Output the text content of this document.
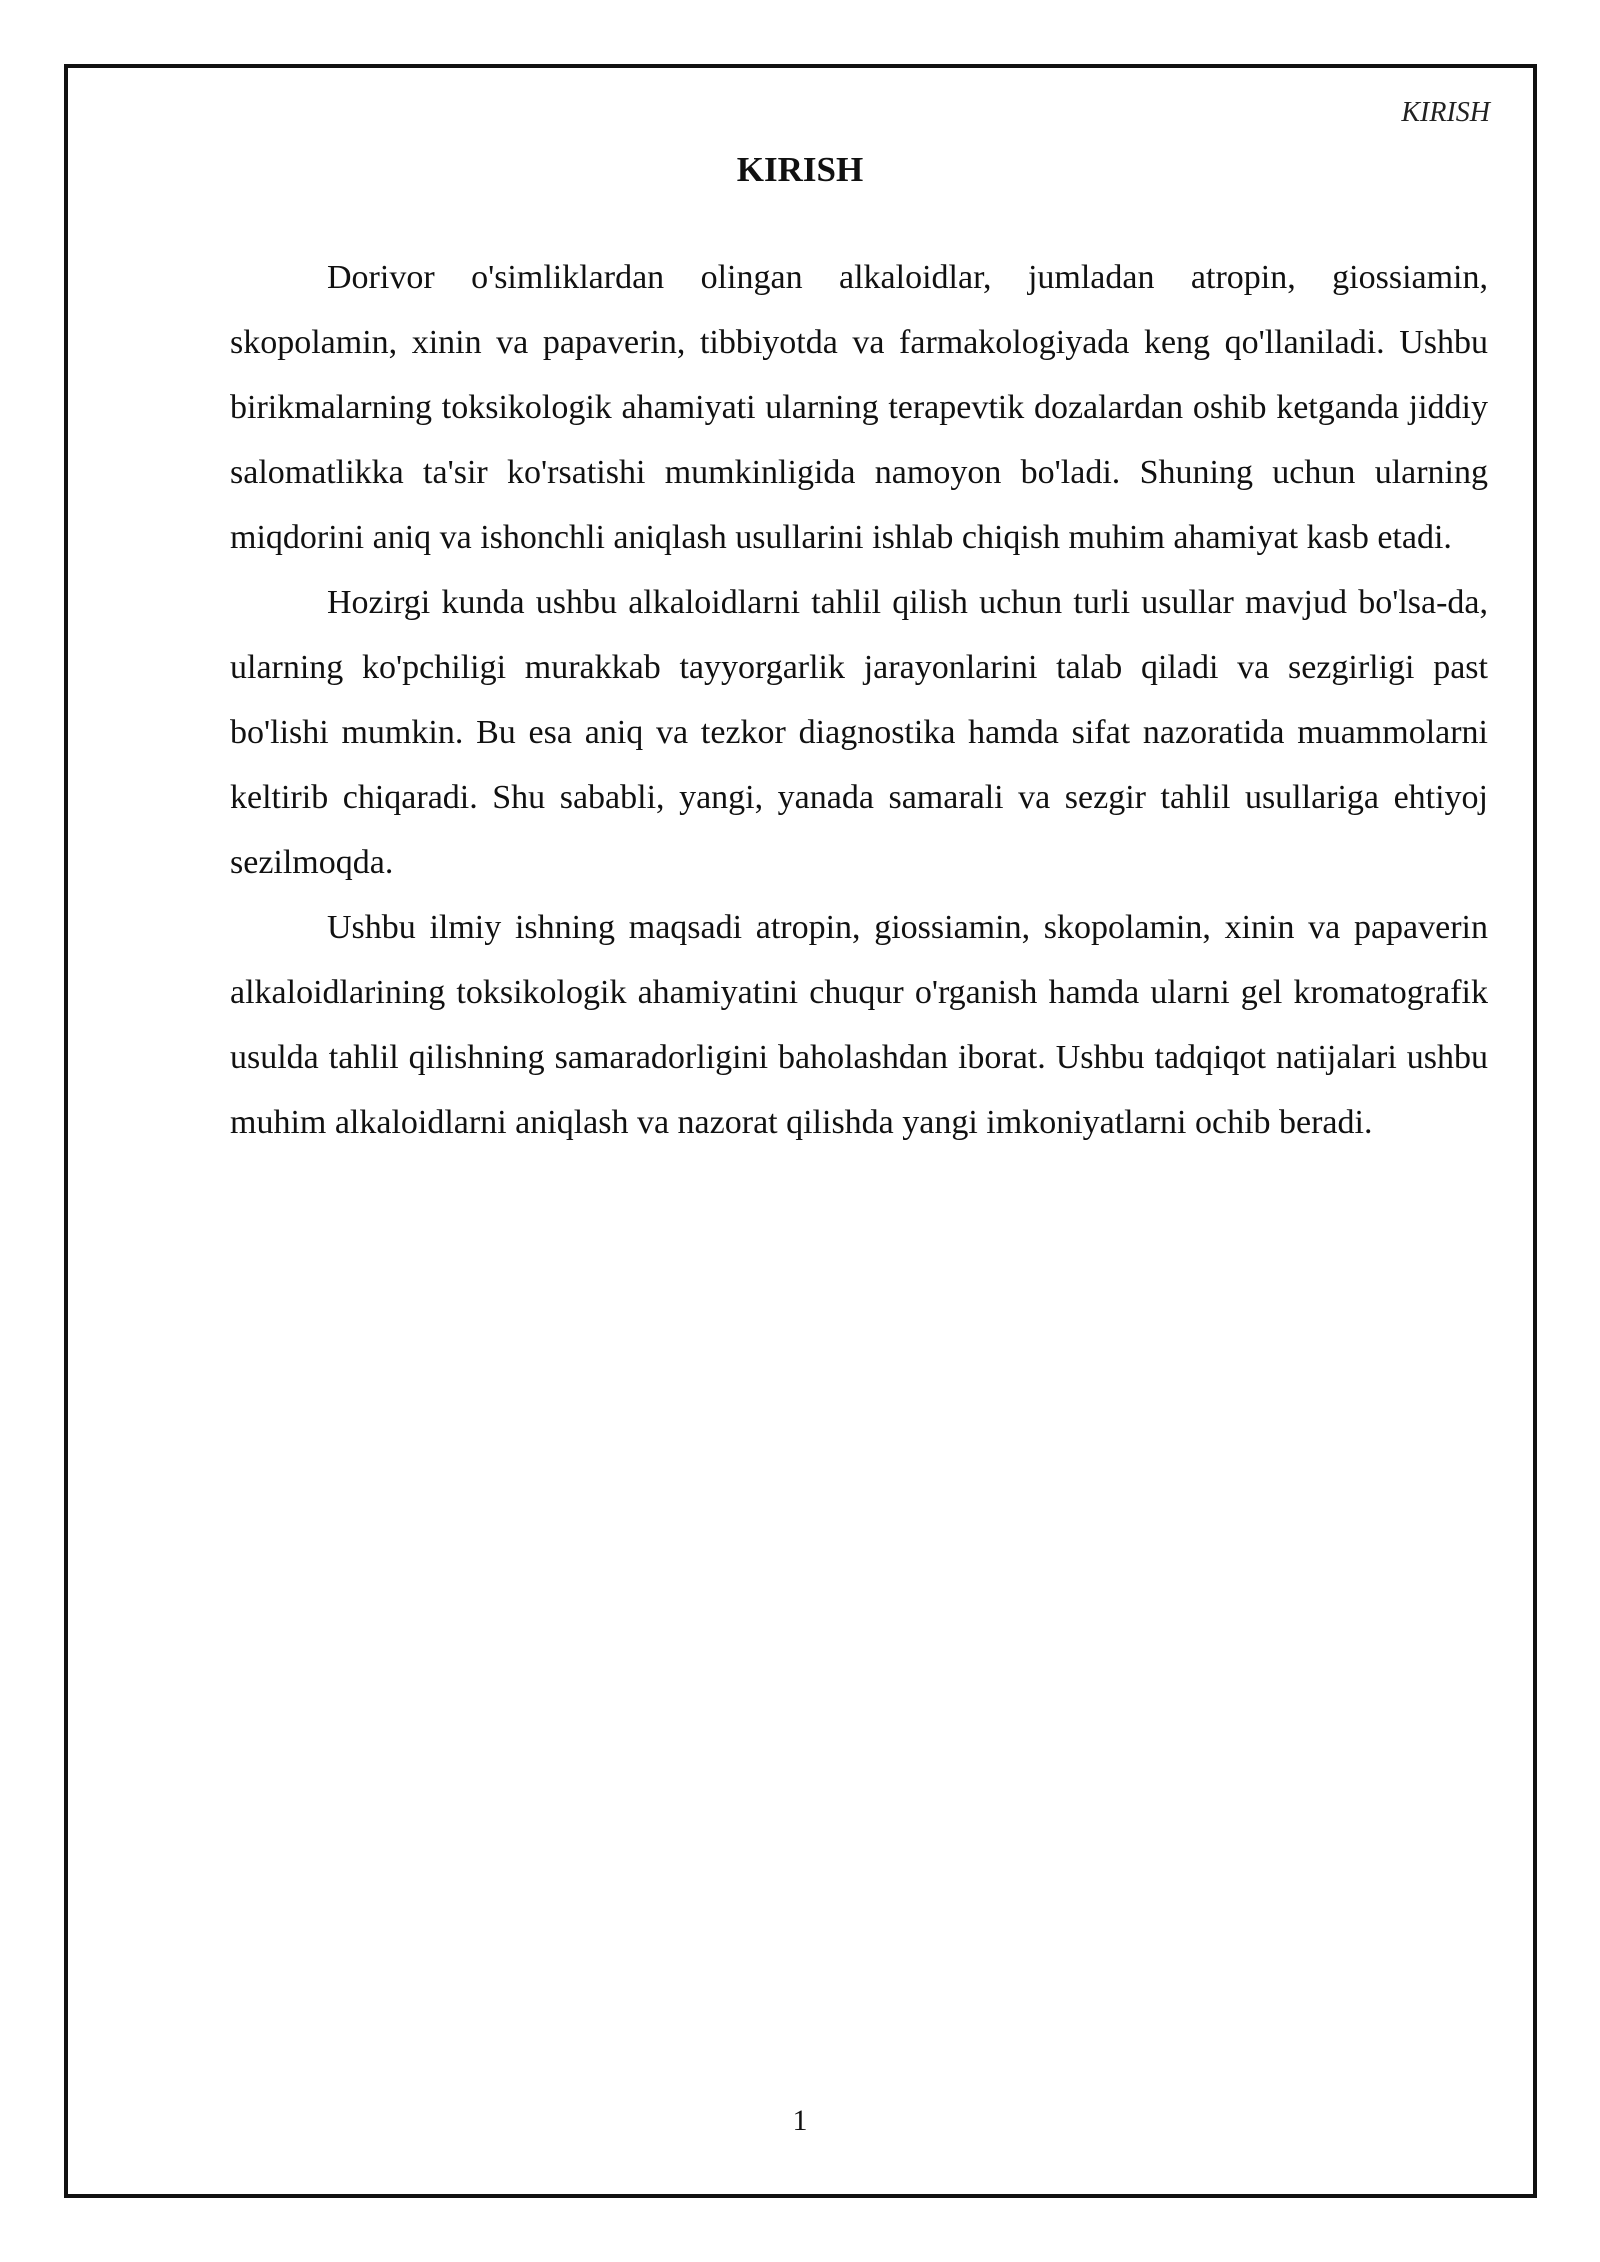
KIRISH
KIRISH

Dorivor o'simliklardan olingan alkaloidlar, jumladan atropin, giossiamin, skopolamin, xinin va papaverin, tibbiyotda va farmakologiyada keng qo'llaniladi. Ushbu birikmalarning toksikologik ahamiyati ularning terapevtik dozalardan oshib ketganda jiddiy salomatlikka ta'sir ko'rsatishi mumkinligida namoyon bo'ladi. Shuning uchun ularning miqdorini aniq va ishonchli aniqlash usullarini ishlab chiqish muhim ahamiyat kasb etadi.

Hozirgi kunda ushbu alkaloidlarni tahlil qilish uchun turli usullar mavjud bo'lsa-da, ularning ko'pchiligi murakkab tayyorgarlik jarayonlarini talab qiladi va sezgirligi past bo'lishi mumkin. Bu esa aniq va tezkor diagnostika hamda sifat nazoratida muammolarni keltirib chiqaradi. Shu sababli, yangi, yanada samarali va sezgir tahlil usullariga ehtiyoj sezilmoqda.

Ushbu ilmiy ishning maqsadi atropin, giossiamin, skopolamin, xinin va papaverin alkaloidlarining toksikologik ahamiyatini chuqur o'rganish hamda ularni gel kromatografik usulda tahlil qilishning samaradorligini baholashdan iborat. Ushbu tadqiqot natijalari ushbu muhim alkaloidlarni aniqlash va nazorat qilishda yangi imkoniyatlarni ochib beradi.

1
